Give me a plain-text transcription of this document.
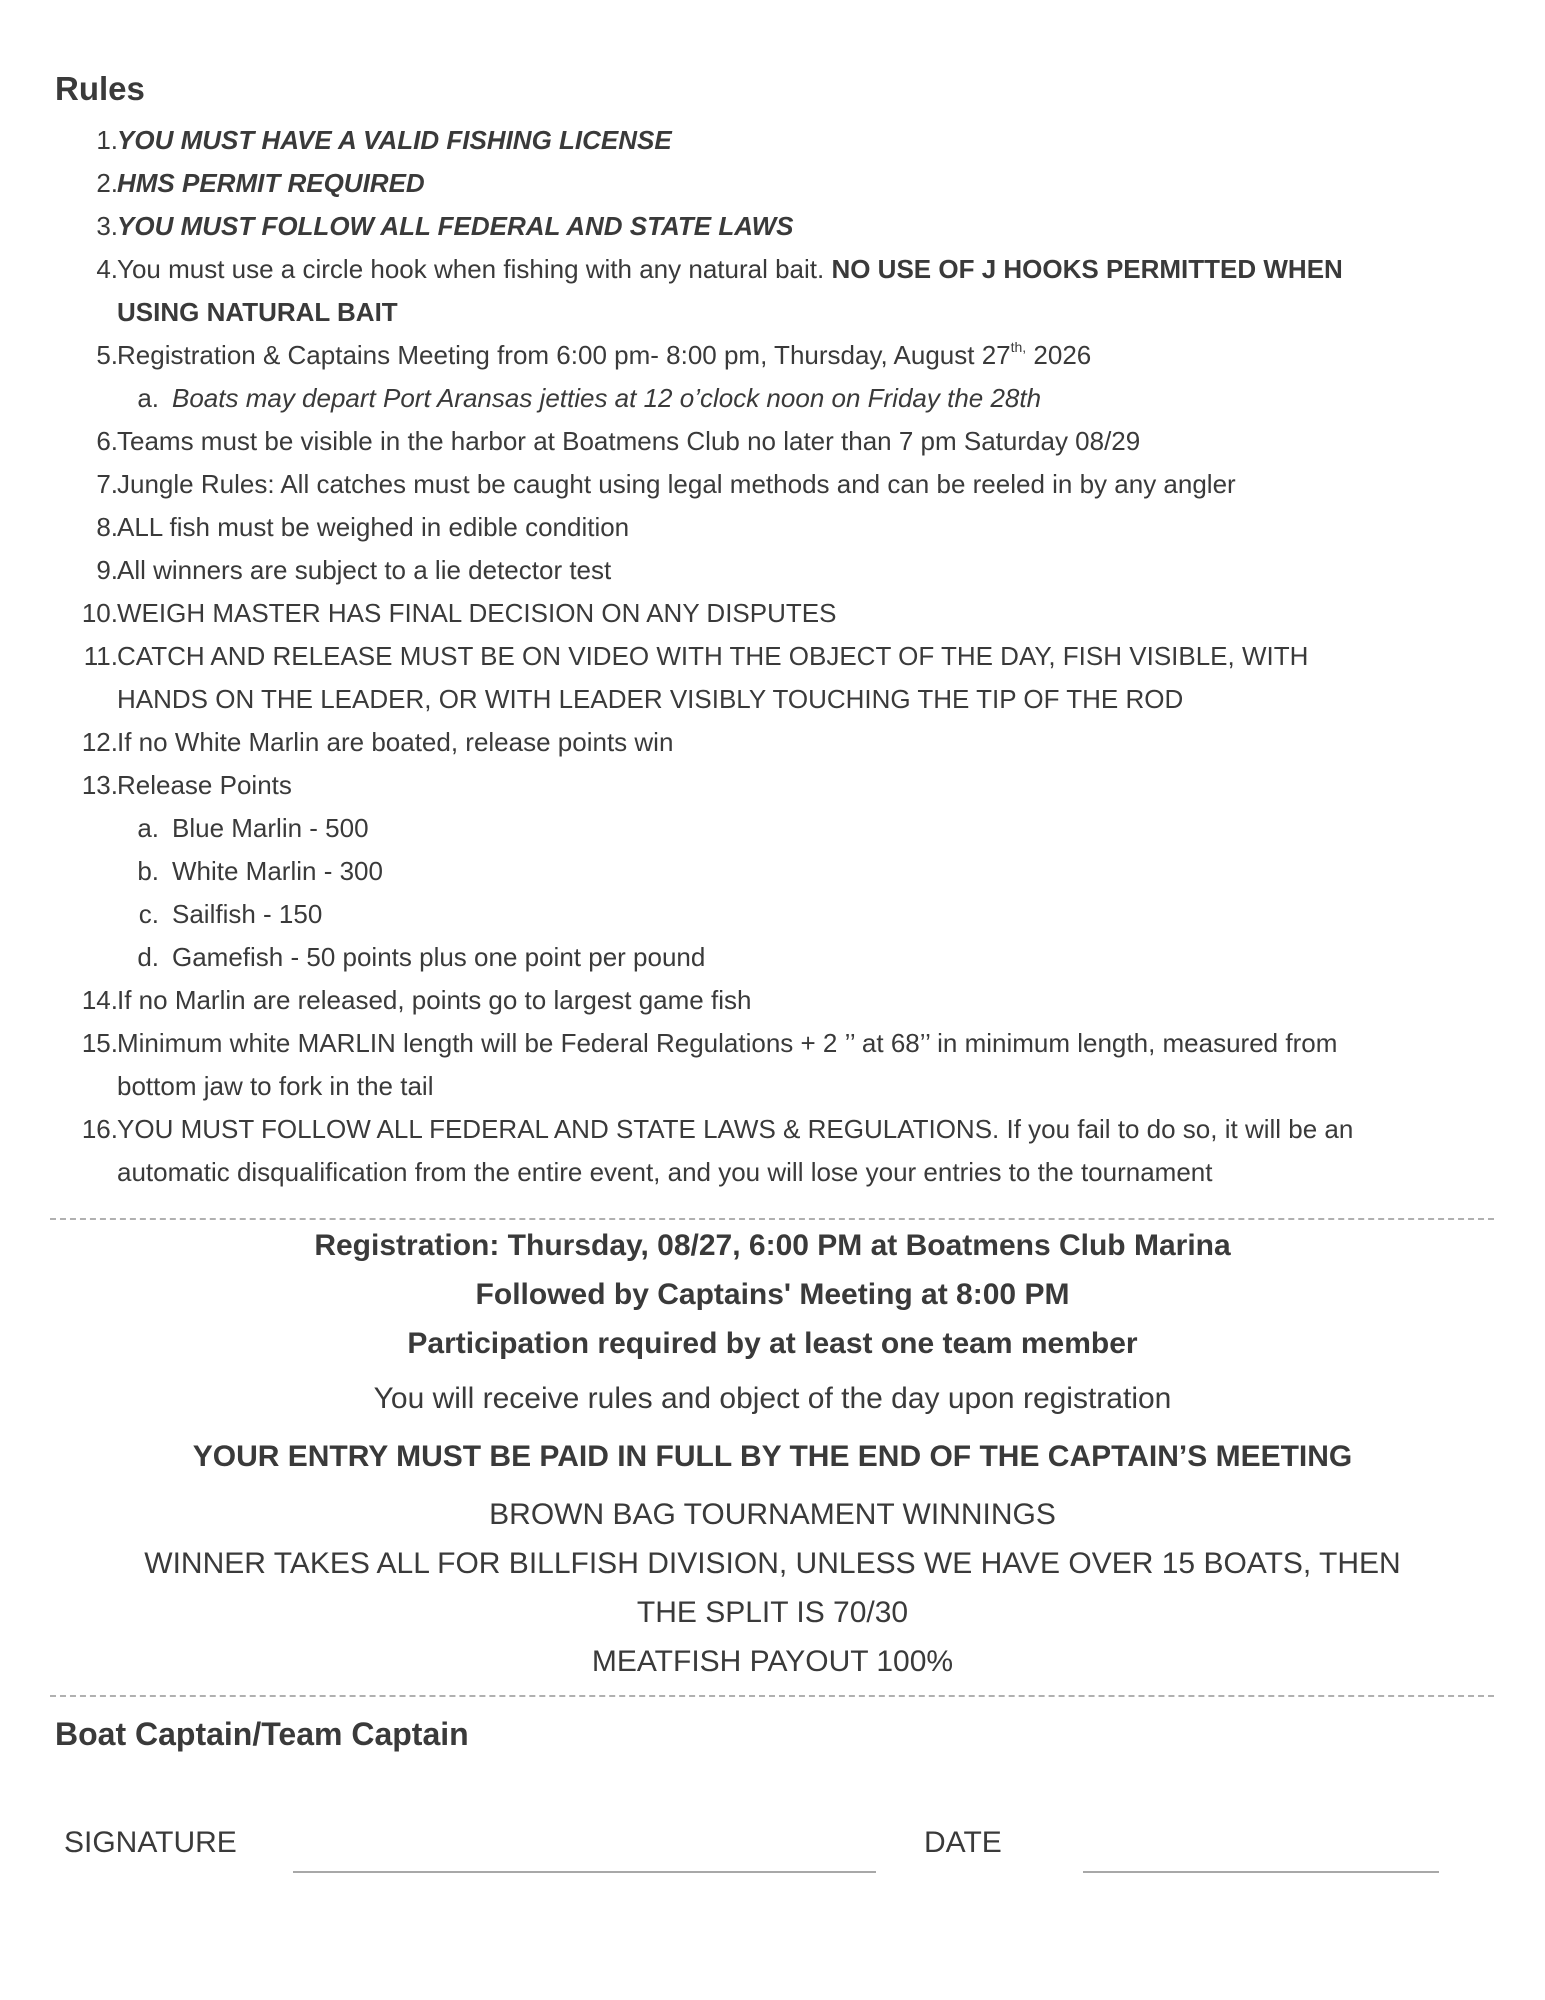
Rules
1. YOU MUST HAVE A VALID FISHING LICENSE
2. HMS PERMIT REQUIRED
3. YOU MUST FOLLOW ALL FEDERAL AND STATE LAWS
4. You must use a circle hook when fishing with any natural bait. NO USE OF J HOOKS PERMITTED WHEN
USING NATURAL BAIT
5. Registration & Captains Meeting from 6:00 pm- 8:00 pm, Thursday, August $27^{th,}$ 2026
a. Boats may depart Port Aransas jetties at 12 o’clock noon on Friday the 28th
6. Teams must be visible in the harbor at Boatmens Club no later than 7 pm Saturday 08/29
7. Jungle Rules: All catches must be caught using legal methods and can be reeled in by any angler
8. ALL fish must be weighed in edible condition
9. All winners are subject to a lie detector test
10. WEIGH MASTER HAS FINAL DECISION ON ANY DISPUTES
11. CATCH AND RELEASE MUST BE ON VIDEO WITH THE OBJECT OF THE DAY, FISH VISIBLE, WITH
HANDS ON THE LEADER, OR WITH LEADER VISIBLY TOUCHING THE TIP OF THE ROD
12. If no White Marlin are boated, release points win
13. Release Points
a. Blue Marlin - 500
b. White Marlin - 300
c. Sailfish - 150
d. Gamefish - 50 points plus one point per pound
14. If no Marlin are released, points go to largest game fish
15. Minimum white MARLIN length will be Federal Regulations + 2 ’’ at 68’’ in minimum length, measured from
bottom jaw to fork in the tail
16. YOU MUST FOLLOW ALL FEDERAL AND STATE LAWS & REGULATIONS. If you fail to do so, it will be an
automatic disqualification from the entire event, and you will lose your entries to the tournament
Registration: Thursday, 08/27, 6:00 PM at Boatmens Club Marina
Followed by Captains' Meeting at 8:00 PM
Participation required by at least one team member
You will receive rules and object of the day upon registration
YOUR ENTRY MUST BE PAID IN FULL BY THE END OF THE CAPTAIN’S MEETING
BROWN BAG TOURNAMENT WINNINGS
WINNER TAKES ALL FOR BILLFISH DIVISION, UNLESS WE HAVE OVER 15 BOATS, THEN
THE SPLIT IS 70/30
MEATFISH PAYOUT 100%
Boat Captain/Team Captain
SIGNATURE	DATE
